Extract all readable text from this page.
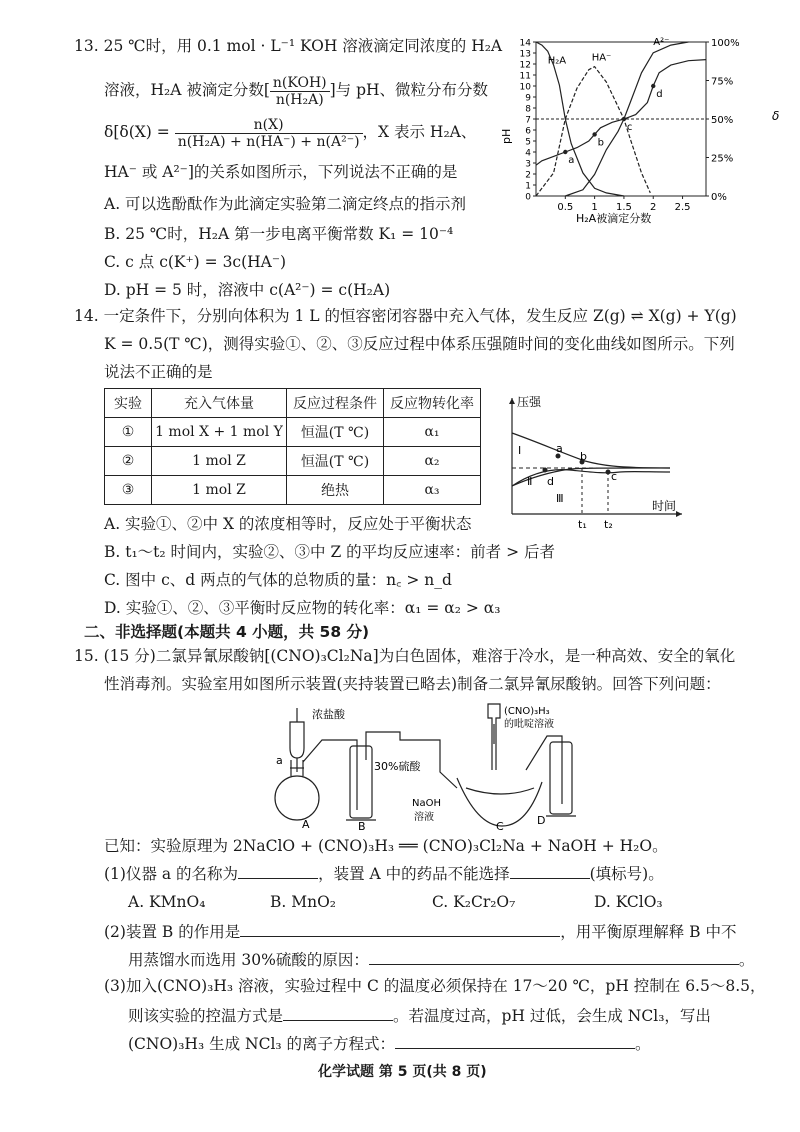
13. 25 ℃时，用 0.1 mol · L⁻¹ KOH 溶液滴定同浓度的 H₂A
溶液，H₂A 被滴定分数[ $\frac{\text{n(KOH)}}{\text{n(H₂A)}}$ ]与 pH、微粒分布分数
$\delta[\delta(X) = \frac{n(X)}{\text{n(H₂A) + n(HA⁻) + n(A²⁻)}}$ ，X 表示 H₂A、
HA⁻ 或 A²⁻]的关系如图所示，下列说法不正确的是
A. 可以选酚酞作为此滴定实验第二滴定终点的指示剂
B. 25 ℃时，H₂A 第一步电离平衡常数 K₁ = 10⁻⁴
C. c 点 c(K⁺) = 3c(HA⁻)
D. pH = 5 时，溶液中 c(A²⁻) = c(H₂A)
0
1
2
3
4
5
6
7
8
9
10
11
12
13
14
0%
25%
50%
75%
100%
0.5 1 1.5 2 2.5
H₂A	HA⁻
A²⁻
a
b
c
d
pH
δ
H₂A被滴定分数
14. 一定条件下，分别向体积为 1 L 的恒容密闭容器中充入气体，发生反应 Z(g) ⇌ X(g) + Y(g)
K = 0.5(T ℃)，测得实验①、②、③反应过程中体系压强随时间的变化曲线如图所示。下列
说法不正确的是
实验	充入气体量	反应过程条件	反应物转化率
①	1 mol X + 1 mol Y	恒温(T ℃)	α₁
②	1 mol Z	恒温(T ℃)	α₂
③	1 mol Z	绝热	α₃
压强
时间
a
b
c
d
Ⅰ
Ⅱ
Ⅲ
t₁ t₂
A. 实验①、②中 X 的浓度相等时，反应处于平衡状态
B. t₁～t₂ 时间内，实验②、③中 Z 的平均反应速率：前者 > 后者
C. 图中 c、d 两点的气体的总物质的量：n꜀ > n_d
D. 实验①、②、③平衡时反应物的转化率：α₁ = α₂ > α₃
二、非选择题(本题共 4 小题，共 58 分)
15. (15 分)二氯异氰尿酸钠[(CNO)₃Cl₂Na]为白色固体，难溶于冷水，是一种高效、安全的氧化
性消毒剂。实验室用如图所示装置(夹持装置已略去)制备二氯异氰尿酸钠。回答下列问题：
浓盐酸
a	30%硫酸
(CNO)₃H₃
的吡啶溶液
NaOH
溶液
A	B	C	D
已知：实验原理为 2NaClO + (CNO)₃H₃ ══ (CNO)₃Cl₂Na + NaOH + H₂O。
(1)仪器 a 的名称为	，装置 A 中的药品不能选择	(填标号)。
A. KMnO₄	B. MnO₂	C. K₂Cr₂O₇	D. KClO₃
(2)装置 B 的作用是	，用平衡原理解释 B 中不
用蒸馏水而选用 30%硫酸的原因：	。
(3)加入(CNO)₃H₃ 溶液，实验过程中 C 的温度必须保持在 17～20 ℃，pH 控制在 6.5～8.5，
则该实验的控温方式是	。若温度过高，pH 过低，会生成 NCl₃，写出
(CNO)₃H₃ 生成 NCl₃ 的离子方程式：	。
化学试题 第 5 页(共 8 页)
